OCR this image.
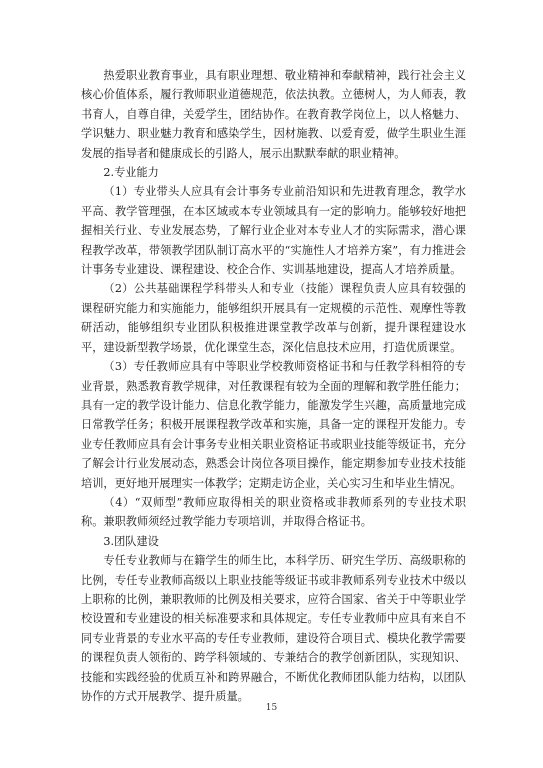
热爱职业教育事业，具有职业理想、敬业精神和奉献精神，践行社会主义核心价值体系，履行教师职业道德规范，依法执教。立德树人，为人师表，教书育人，自尊自律，关爱学生，团结协作。在教育教学岗位上，以人格魅力、学识魅力、职业魅力教育和感染学生，因材施教、以爱育爱，做学生职业生涯发展的指导者和健康成长的引路人，展示出默默奉献的职业精神。

2.专业能力

（1）专业带头人应具有会计事务专业前沿知识和先进教育理念，教学水平高、教学管理强，在本区域或本专业领域具有一定的影响力。能够较好地把握相关行业、专业发展态势，了解行业企业对本专业人才的实际需求，潜心课程教学改革，带领教学团队制订高水平的“实施性人才培养方案”，有力推进会计事务专业建设、课程建设、校企合作、实训基地建设，提高人才培养质量。

（2）公共基础课程学科带头人和专业（技能）课程负责人应具有较强的课程研究能力和实施能力，能够组织开展具有一定规模的示范性、观摩性等教研活动，能够组织专业团队积极推进课堂教学改革与创新，提升课程建设水平，建设新型教学场景，优化课堂生态，深化信息技术应用，打造优质课堂。

（3）专任教师应具有中等职业学校教师资格证书和与任教学科相符的专业背景，熟悉教育教学规律，对任教课程有较为全面的理解和教学胜任能力；具有一定的教学设计能力、信息化教学能力，能激发学生兴趣，高质量地完成日常教学任务；积极开展课程教学改革和实施，具备一定的课程开发能力。专业专任教师应具有会计事务专业相关职业资格证书或职业技能等级证书，充分了解会计行业发展动态，熟悉会计岗位各项目操作，能定期参加专业技术技能培训，更好地开展理实一体教学；定期走访企业，关心实习生和毕业生情况。

（4）“双师型”教师应取得相关的职业资格或非教师系列的专业技术职称。兼职教师须经过教学能力专项培训，并取得合格证书。

3.团队建设

专任专业教师与在籍学生的师生比，本科学历、研究生学历、高级职称的比例，专任专业教师高级以上职业技能等级证书或非教师系列专业技术中级以上职称的比例，兼职教师的比例及相关要求，应符合国家、省关于中等职业学校设置和专业建设的相关标准要求和具体规定。专任专业教师中应具有来自不同专业背景的专业水平高的专任专业教师，建设符合项目式、模块化教学需要的课程负责人领衔的、跨学科领域的、专兼结合的教学创新团队，实现知识、技能和实践经验的优质互补和跨界融合，不断优化教师团队能力结构，以团队协作的方式开展教学、提升质量。

15
